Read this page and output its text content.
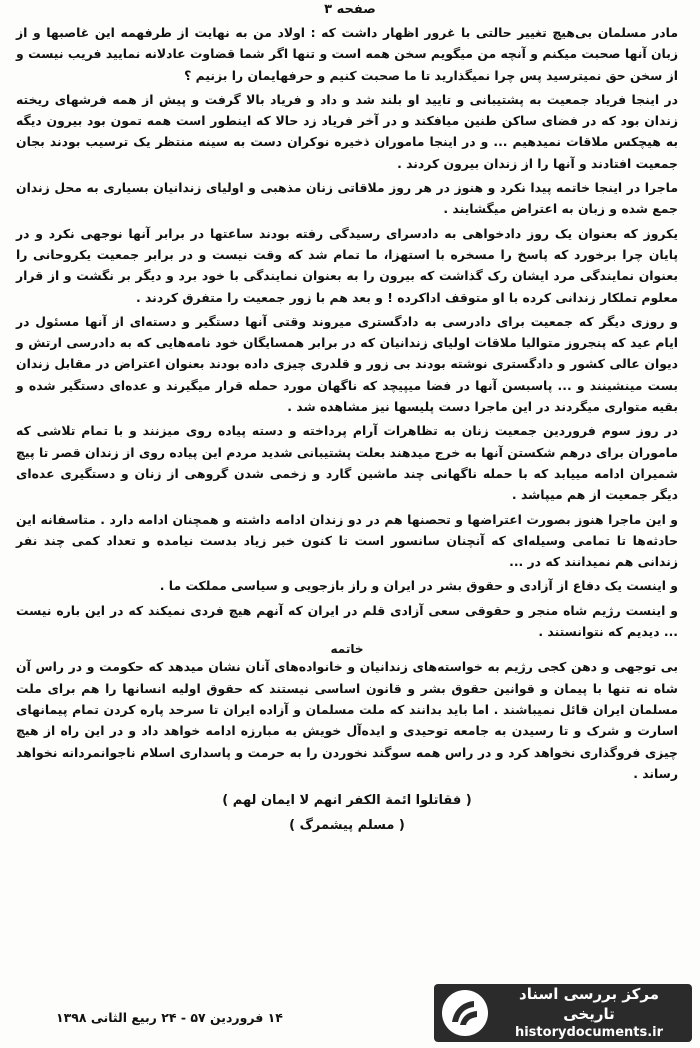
صفحه ۳

مادر مسلمان بی‌هیچ تغییر حالتی با غرور اظهار داشت که : اولاد من به نهایت از طرفهمه این غاصبها و از زبان آنها صحبت میکنم و آنچه من میگویم سخن همه است و تنها اگر شما قضاوت عادلانه نمایید فریب نیست و از سخن حق نمیترسید پس چرا نمیگذارید تا ما صحبت کنیم و حرفهایمان را بزنیم ؟

در اینجا فریاد جمعیت به پشتیبانی و تایید او بلند شد و داد و فریاد بالا گرفت و پیش از همه فرشهای ریخته زندان بود که در فضای ساکن طنین میافکند و در آخر فریاد زد حالا که اینطور است همه تمون بود بیرون دیگه به هیچکس ملاقات نمیدهیم ... و در اینجا ماموران ذخیره نوکران دست به سینه منتظر یک ترسیب بودند بجان جمعیت افتادند و آنها را از زندان بیرون کردند .

ماجرا در اینجا خاتمه پیدا نکرد و هنوز در هر روز ملاقاتی زنان مذهبی و اولیای زندانیان بسیاری به محل زندان جمع شده و زبان به اعتراض میگشایند .

یکروز که بعنوان یک روز دادخواهی به دادسرای رسیدگی رفته بودند ساعتها در برابر آنها نوجهی نکرد و در پایان چرا برخورد که پاسخ را مسخره با استهزا، ما تمام شد که وقت نیست و در برابر جمعیت یکروحانی را بعنوان نمایندگی مرد ایشان رک گذاشت که بیرون را به بعنوان نمایندگی با خود برد و دیگر بر نگشت و از قرار معلوم تملکار زندانی کرده با او متوقف اداکرده ! و بعد هم با زور جمعیت را متفرق کردند .

و روزی دیگر که جمعیت برای دادرسی به دادگستری میروند وقتی آنها دستگیر و دسته‌ای از آنها مسئول در ایام عید که پنجروز متوالیا ملاقات اولیای زندانیان که در برابر همسایگان خود نامه‌هایی که به دادرسی ارتش و دیوان عالی کشور و دادگستری نوشته بودند بی زور و قلدری چیزی داده بودند بعنوان اعتراض در مقابل زندان بست مینشینند و ... پاسبسن آنها در فضا میپیچد که ناگهان مورد حمله قرار میگیرند و عده‌ای دستگیر شده و بقیه متواری میگردند در این ماجرا دست پلیسها نیز مشاهده شد .

در روز سوم فروردین جمعیت زنان به تظاهرات آرام پرداخته و دسته پیاده روی میزنند و با تمام تلاشی که ماموران برای درهم شکستن آنها به خرج میدهند بعلت پشتیبانی شدید مردم این پیاده روی از زندان قصر تا پیچ شمیران ادامه مییابد که با حمله ناگهانی چند ماشین گارد و زخمی شدن گروهی از زنان و دستگیری عده‌ای دیگر جمعیت از هم میپاشد .

و این ماجرا هنوز بصورت اعتراضها و تحصنها هم در دو زندان ادامه داشته و همچنان ادامه دارد . متاسفانه این حادثه‌ها تا تمامی وسیله‌ای که آنچنان سانسور است تا کنون خبر زیاد بدست نیامده و تعداد کمی چند نفر زندانی هم نمیدانند که در ...

و اینست یک دفاع از آزادی و حقوق بشر در ایران و راز بازجویی و سیاسی مملکت ما .

و اینست رژیم شاه منجر و حقوقی سعی آزادی قلم در ایران که آنهم هیچ فردی نمیکند که در این باره نیست ... دیدیم که نتوانستند .

خاتمه

بی توجهی و دهن کجی رژیم به خواسته‌های زندانیان و خانواده‌های آنان نشان میدهد که حکومت و در راس آن شاه نه تنها با پیمان و قوانین حقوق بشر و قانون اساسی نیستند که حقوق اولیه انسانها را هم برای ملت مسلمان ایران قائل نمیباشند . اما باید بدانند که ملت مسلمان و آزاده ایران تا سرحد پاره کردن تمام پیمانهای اسارت و شرک و تا رسیدن به جامعه توحیدی و ایده‌آل خویش به مبارزه ادامه خواهد داد و در این راه از هیچ چیزی فروگذاری نخواهد کرد و در راس همه سوگند نخوردن را به حرمت و پاسداری اسلام ناجوانمردانه نخواهد رساند .

( فقاتلوا ائمة الکفر انهم لا ایمان لهم )
( مسلم پیشمرگ )
۱۴ فروردین ۵۷ - ۲۴ ربیع الثانی ۱۳۹۸
مرکز بررسی اسناد تاریخی
historydocuments.ir
